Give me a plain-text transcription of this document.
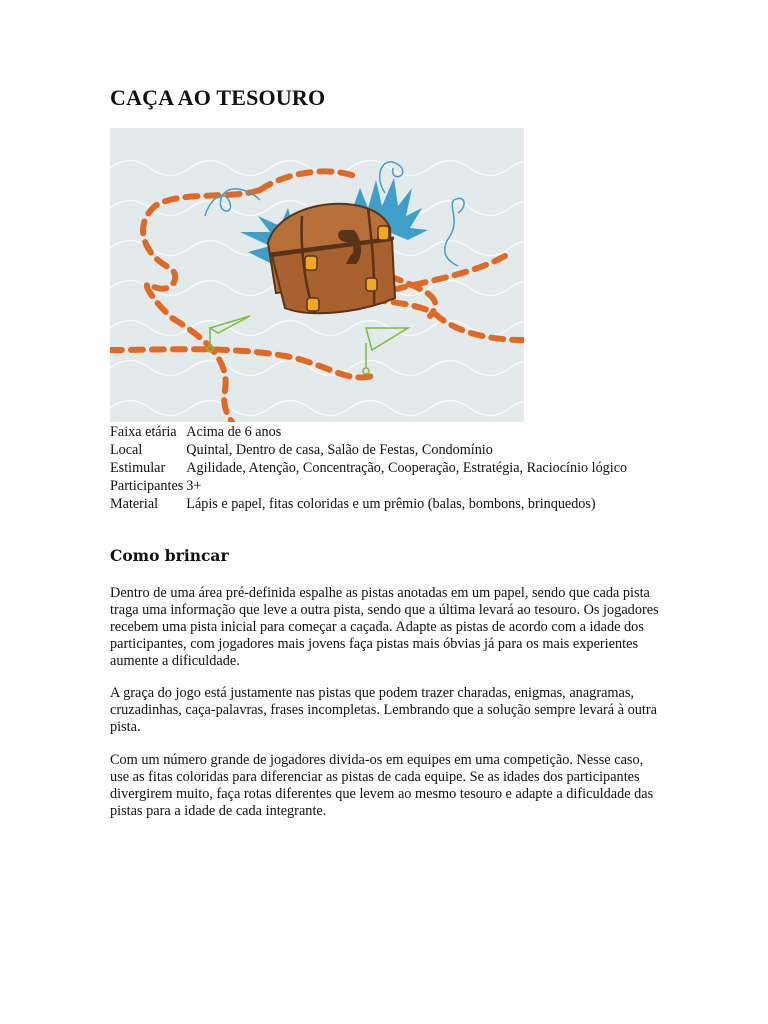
CAÇA AO TESOURO
Faixa etária	Acima de 6 anos
Local	Quintal, Dentro de casa, Salão de Festas, Condomínio
Estimular	Agilidade, Atenção, Concentração, Cooperação, Estratégia, Raciocínio lógico
Participantes	3+
Material	Lápis e papel, fitas coloridas e um prêmio (balas, bombons, brinquedos)
Como brincar

Dentro de uma área pré-definida espalhe as pistas anotadas em um papel, sendo que cada pista traga uma informação que leve a outra pista, sendo que a última levará ao tesouro. Os jogadores recebem uma pista inicial para começar a caçada. Adapte as pistas de acordo com a idade dos participantes, com jogadores mais jovens faça pistas mais óbvias já para os mais experientes aumente a dificuldade.

A graça do jogo está justamente nas pistas que podem trazer charadas, enigmas, anagramas, cruzadinhas, caça-palavras, frases incompletas. Lembrando que a solução sempre levará à outra pista.

Com um número grande de jogadores divida-os em equipes em uma competição. Nesse caso, use as fitas coloridas para diferenciar as pistas de cada equipe. Se as idades dos participantes divergirem muito, faça rotas diferentes que levem ao mesmo tesouro e adapte a dificuldade das pistas para a idade de cada integrante.
